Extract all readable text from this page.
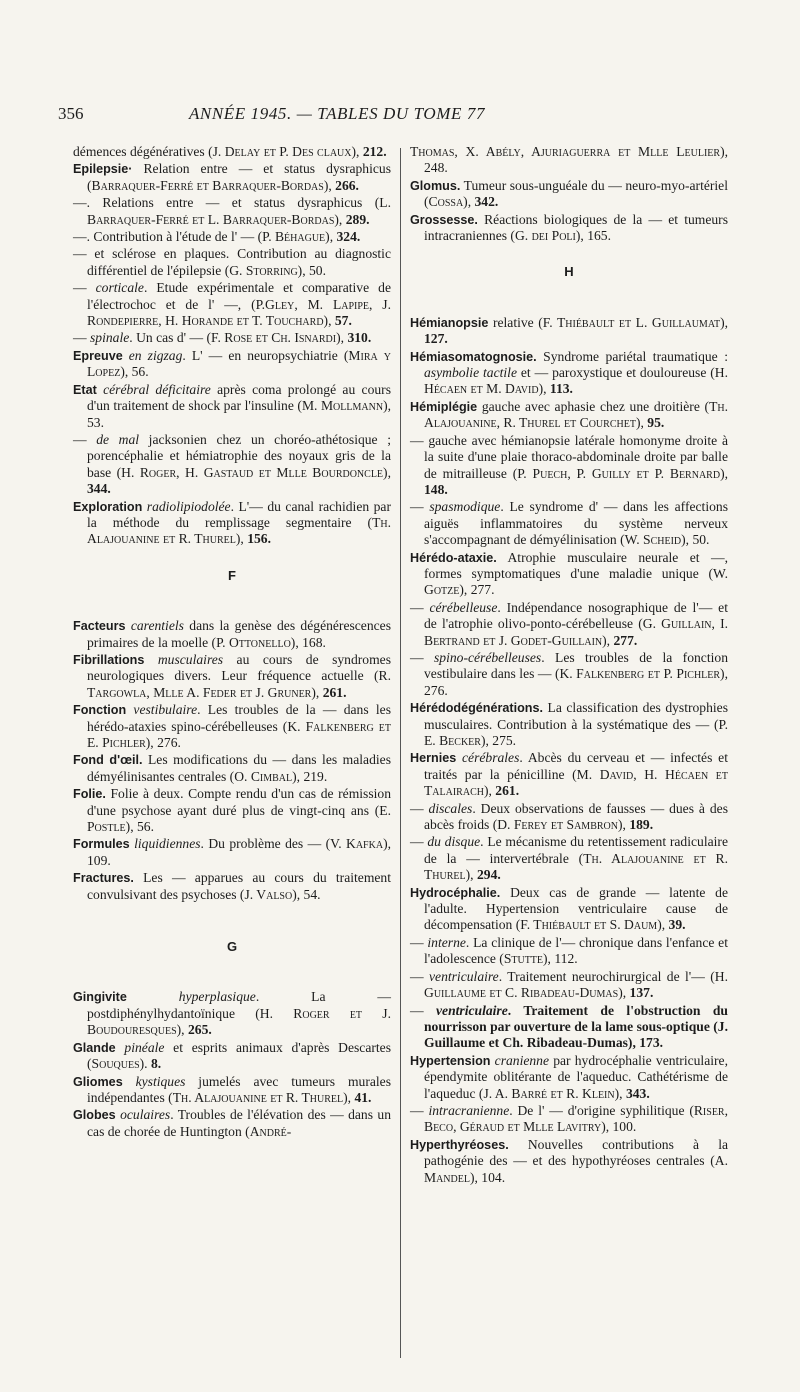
356	ANNÉE 1945. — TABLES DU TOME 77

démences dégénératives (J. Delay et P. Des claux), 212.

Epilepsie· Relation entre — et status dysraphicus (Barraquer-Ferré et Barraquer-Bordas), 266.

—. Relations entre — et status dysraphicus (L. Barraquer-Ferré et L. Barraquer-Bordas), 289.

—. Contribution à l'étude de l' — (P. Béhague), 324.

— et sclérose en plaques. Contribution au diagnostic différentiel de l'épilepsie (G. Storring), 50.

— corticale. Etude expérimentale et comparative de l'électrochoc et de l' —, (P.Gley, M. Lapipe, J. Rondepierre, H. Horande et T. Touchard), 57.

— spinale. Un cas d' — (F. Rose et Ch. Isnardi), 310.

Epreuve en zigzag. L' — en neuropsychiatrie (Mira y Lopez), 56.

Etat cérébral déficitaire après coma prolongé au cours d'un traitement de shock par l'insuline (M. Mollmann), 53.

— de mal jacksonien chez un choréo-athétosique ; porencéphalie et hémiatrophie des noyaux gris de la base (H. Roger, H. Gastaud et Mlle Bourdoncle), 344.

Exploration radiolipiodolée. L'— du canal rachidien par la méthode du remplissage segmentaire (Th. Alajouanine et R. Thurel), 156.

F

Facteurs carentiels dans la genèse des dégénérescences primaires de la moelle (P. Ottonello), 168.

Fibrillations musculaires au cours de syndromes neurologiques divers. Leur fréquence actuelle (R. Targowla, Mlle A. Feder et J. Gruner), 261.

Fonction vestibulaire. Les troubles de la — dans les hérédo-ataxies spino-cérébelleuses (K. Falkenberg et E. Pichler), 276.

Fond d'œil. Les modifications du — dans les maladies démyélinisantes centrales (O. Cimbal), 219.

Folie. Folie à deux. Compte rendu d'un cas de rémission d'une psychose ayant duré plus de vingt-cinq ans (E. Postle), 56.

Formules liquidiennes. Du problème des — (V. Kafka), 109.

Fractures. Les — apparues au cours du traitement convulsivant des psychoses (J. Valso), 54.

G

Gingivite hyperplasique. La — postdiphénylhydantoïnique (H. Roger et J. Boudouresques), 265.

Glande pinéale et esprits animaux d'après Descartes (Souques). 8.

Gliomes kystiques jumelés avec tumeurs murales indépendantes (Th. Alajouanine et R. Thurel), 41.

Globes oculaires. Troubles de l'élévation des — dans un cas de chorée de Huntington (André-

Thomas, X. Abély, Ajuriaguerra et Mlle Leulier), 248.

Glomus. Tumeur sous-unguéale du — neuro-myo-artériel (Cossa), 342.

Grossesse. Réactions biologiques de la — et tumeurs intracraniennes (G. dei Poli), 165.

H

Hémianopsie relative (F. Thiébault et L. Guillaumat), 127.

Hémiasomatognosie. Syndrome pariétal traumatique : asymbolie tactile et — paroxystique et douloureuse (H. Hécaen et M. David), 113.

Hémiplégie gauche avec aphasie chez une droitière (Th. Alajouanine, R. Thurel et Courchet), 95.

— gauche avec hémianopsie latérale homonyme droite à la suite d'une plaie thoraco-abdominale droite par balle de mitrailleuse (P. Puech, P. Guilly et P. Bernard), 148.

— spasmodique. Le syndrome d' — dans les affections aiguës inflammatoires du système nerveux s'accompagnant de démyélinisation (W. Scheid), 50.

Hérédo-ataxie. Atrophie musculaire neurale et —, formes symptomatiques d'une maladie unique (W. Gotze), 277.

— cérébelleuse. Indépendance nosographique de l'— et de l'atrophie olivo-ponto-cérébelleuse (G. Guillain, I. Bertrand et J. Godet-Guillain), 277.

— spino-cérébelleuses. Les troubles de la fonction vestibulaire dans les — (K. Falkenberg et P. Pichler), 276.

Hérédodégénérations. La classification des dystrophies musculaires. Contribution à la systématique des — (P. E. Becker), 275.

Hernies cérébrales. Abcès du cerveau et — infectés et traités par la pénicilline (M. David, H. Hécaen et Talairach), 261.

— discales. Deux observations de fausses — dues à des abcès froids (D. Ferey et Sambron), 189.

— du disque. Le mécanisme du retentissement radiculaire de la — intervertébrale (Th. Alajouanine et R. Thurel), 294.

Hydrocéphalie. Deux cas de grande — latente de l'adulte. Hypertension ventriculaire cause de décompensation (F. Thiébault et S. Daum), 39.

— interne. La clinique de l'— chronique dans l'enfance et l'adolescence (Stutte), 112.

— ventriculaire. Traitement neurochirurgical de l'— (H. Guillaume et C. Ribadeau-Dumas), 137.

— ventriculaire. Traitement de l'obstruction du nourrisson par ouverture de la lame sous-optique (J. Guillaume et Ch. Ribadeau-Dumas), 173.

Hypertension cranienne par hydrocéphalie ventriculaire, épendymite oblitérante de l'aqueduc. Cathétérisme de l'aqueduc (J. A. Barré et R. Klein), 343.

— intracranienne. De l' — d'origine syphilitique (Riser, Beco, Géraud et Mlle Lavitry), 100.

Hyperthyréoses. Nouvelles contributions à la pathogénie des — et des hypothyréoses centrales (A. Mandel), 104.
